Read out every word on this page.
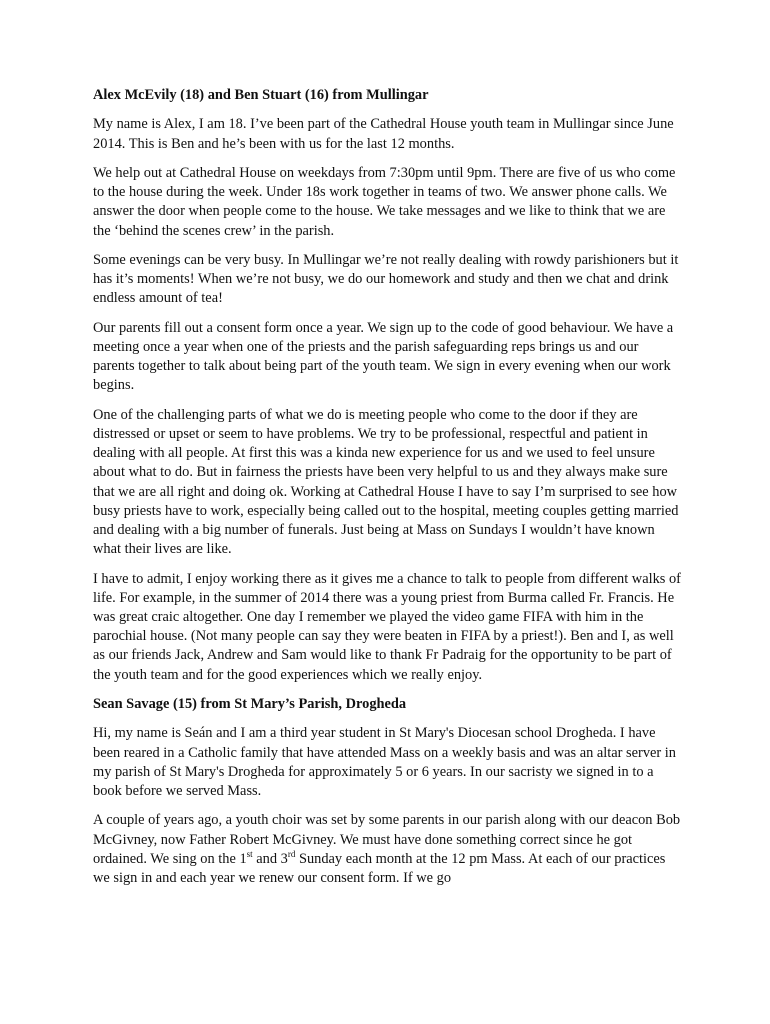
Alex McEvily (18) and Ben Stuart (16) from Mullingar

My name is Alex, I am 18. I’ve been part of the Cathedral House youth team in Mullingar since June 2014. This is Ben and he’s been with us for the last 12 months.

We help out at Cathedral House on weekdays from 7:30pm until 9pm. There are five of us who come to the house during the week. Under 18s work together in teams of two. We answer phone calls. We answer the door when people come to the house. We take messages and we like to think that we are the ‘behind the scenes crew’ in the parish.

Some evenings can be very busy. In Mullingar we’re not really dealing with rowdy parishioners but it has it’s moments! When we’re not busy, we do our homework and study and then we chat and drink endless amount of tea!

Our parents fill out a consent form once a year. We sign up to the code of good behaviour. We have a meeting once a year when one of the priests and the parish safeguarding reps brings us and our parents together to talk about being part of the youth team. We sign in every evening when our work begins.

One of the challenging parts of what we do is meeting people who come to the door if they are distressed or upset or seem to have problems. We try to be professional, respectful and patient in dealing with all people. At first this was a kinda new experience for us and we used to feel unsure about what to do. But in fairness the priests have been very helpful to us and they always make sure that we are all right and doing ok. Working at Cathedral House I have to say I’m surprised to see how busy priests have to work, especially being called out to the hospital, meeting couples getting married and dealing with a big number of funerals. Just being at Mass on Sundays I wouldn’t have known what their lives are like.

I have to admit, I enjoy working there as it gives me a chance to talk to people from different walks of life. For example, in the summer of 2014 there was a young priest from Burma called Fr. Francis. He was great craic altogether. One day I remember we played the video game FIFA with him in the parochial house. (Not many people can say they were beaten in FIFA by a priest!). Ben and I, as well as our friends Jack, Andrew and Sam would like to thank Fr Padraig for the opportunity to be part of the youth team and for the good experiences which we really enjoy.

Sean Savage (15) from St Mary’s Parish, Drogheda

Hi, my name is Seán and I am a third year student in St Mary's Diocesan school Drogheda. I have been reared in a Catholic family that have attended Mass on a weekly basis and was an altar server in my parish of St Mary's Drogheda for approximately 5 or 6 years. In our sacristy we signed in to a book before we served Mass.

A couple of years ago, a youth choir was set by some parents in our parish along with our deacon Bob McGivney, now Father Robert McGivney. We must have done something correct since he got ordained. We sing on the 1st and 3rd Sunday each month at the 12 pm Mass. At each of our practices we sign in and each year we renew our consent form. If we go
